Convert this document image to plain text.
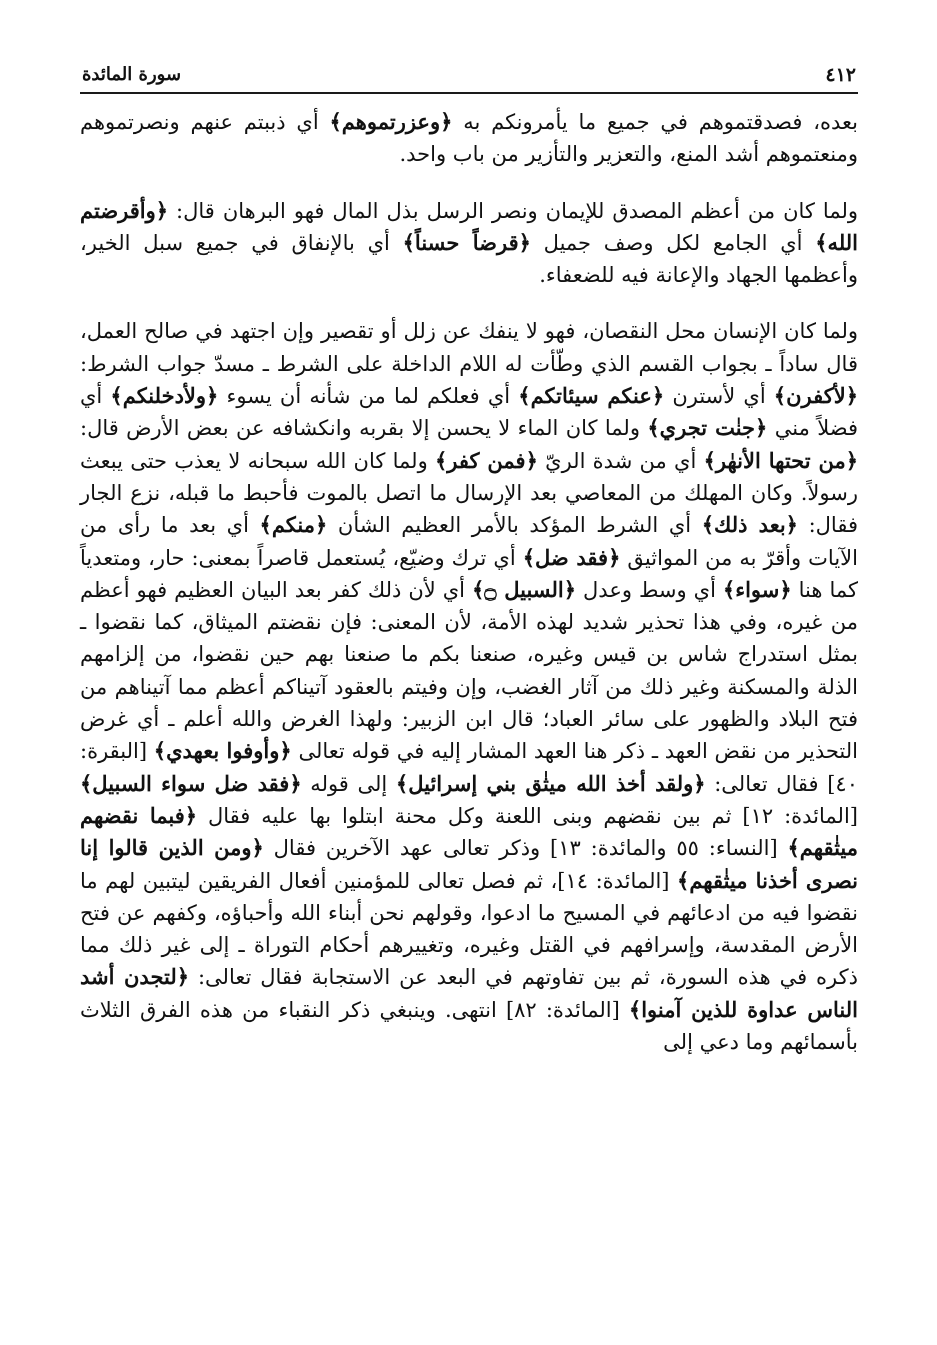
٤١٢
سورة المائدة

بعده، فصدقتموهم في جميع ما يأمرونكم به ﴿وعزرتموهم﴾ أي ذببتم عنهم ونصرتموهم ومنعتموهم أشد المنع، والتعزير والتأزير من باب واحد.

ولما كان من أعظم المصدق للإيمان ونصر الرسل بذل المال فهو البرهان قال: ﴿وأقرضتم الله﴾ أي الجامع لكل وصف جميل ﴿قرضاً حسناً﴾ أي بالإنفاق في جميع سبل الخير، وأعظمها الجهاد والإعانة فيه للضعفاء.

ولما كان الإنسان محل النقصان، فهو لا ينفك عن زلل أو تقصير وإن اجتهد في صالح العمل، قال ساداً ـ بجواب القسم الذي وطّأت له اللام الداخلة على الشرط ـ مسدّ جواب الشرط: ﴿لأكفرن﴾ أي لأسترن ﴿عنكم سيئاتكم﴾ أي فعلكم لما من شأنه أن يسوء ﴿ولأدخلنكم﴾ أي فضلاً مني ﴿جنٰت تجري﴾ ولما كان الماء لا يحسن إلا بقربه وانكشافه عن بعض الأرض قال: ﴿من تحتها الأنهٰر﴾ أي من شدة الريّ ﴿فمن كفر﴾ ولما كان الله سبحانه لا يعذب حتى يبعث رسولاً. وكان المهلك من المعاصي بعد الإرسال ما اتصل بالموت فأحبط ما قبله، نزع الجار فقال: ﴿بعد ذلك﴾ أي الشرط المؤكد بالأمر العظيم الشأن ﴿منكم﴾ أي بعد ما رأى من الآيات وأقرّ به من المواثيق ﴿فقد ضل﴾ أي ترك وضيّع، يُستعمل قاصراً بمعنى: حار، ومتعدياً كما هنا ﴿سواء﴾ أي وسط وعدل ﴿السبيل ۝﴾ أي لأن ذلك كفر بعد البيان العظيم فهو أعظم من غيره، وفي هذا تحذير شديد لهذه الأمة، لأن المعنى: فإن نقضتم الميثاق، كما نقضوا ـ بمثل استدراج شاس بن قيس وغيره، صنعنا بكم ما صنعنا بهم حين نقضوا، من إلزامهم الذلة والمسكنة وغير ذلك من آثار الغضب، وإن وفيتم بالعقود آتيناكم أعظم مما آتيناهم من فتح البلاد والظهور على سائر العباد؛ قال ابن الزبير: ولهذا الغرض والله أعلم ـ أي غرض التحذير من نقض العهد ـ ذكر هنا العهد المشار إليه في قوله تعالى ﴿وأوفوا بعهدي﴾ [البقرة: ٤٠] فقال تعالى: ﴿ولقد أخذ الله ميثٰق بني إسرائيل﴾ إلى قوله ﴿فقد ضل سواء السبيل﴾ [المائدة: ١٢] ثم بين نقضهم وبنى اللعنة وكل محنة ابتلوا بها عليه فقال ﴿فبما نقضهم ميثٰقهم﴾ [النساء: ٥٥ والمائدة: ١٣] وذكر تعالى عهد الآخرين فقال ﴿ومن الذين قالوا إنا نصرى أخذنا ميثٰقهم﴾ [المائدة: ١٤]، ثم فصل تعالى للمؤمنين أفعال الفريقين ليتبين لهم ما نقضوا فيه من ادعائهم في المسيح ما ادعوا، وقولهم نحن أبناء الله وأحباؤه، وكفهم عن فتح الأرض المقدسة، وإسرافهم في القتل وغيره، وتغييرهم أحكام التوراة ـ إلى غير ذلك مما ذكره في هذه السورة، ثم بين تفاوتهم في البعد عن الاستجابة فقال تعالى: ﴿لتجدن أشد الناس عداوة للذين آمنوا﴾ [المائدة: ٨٢] انتهى. وينبغي ذكر النقباء من هذه الفرق الثلاث بأسمائهم وما دعي إلى
